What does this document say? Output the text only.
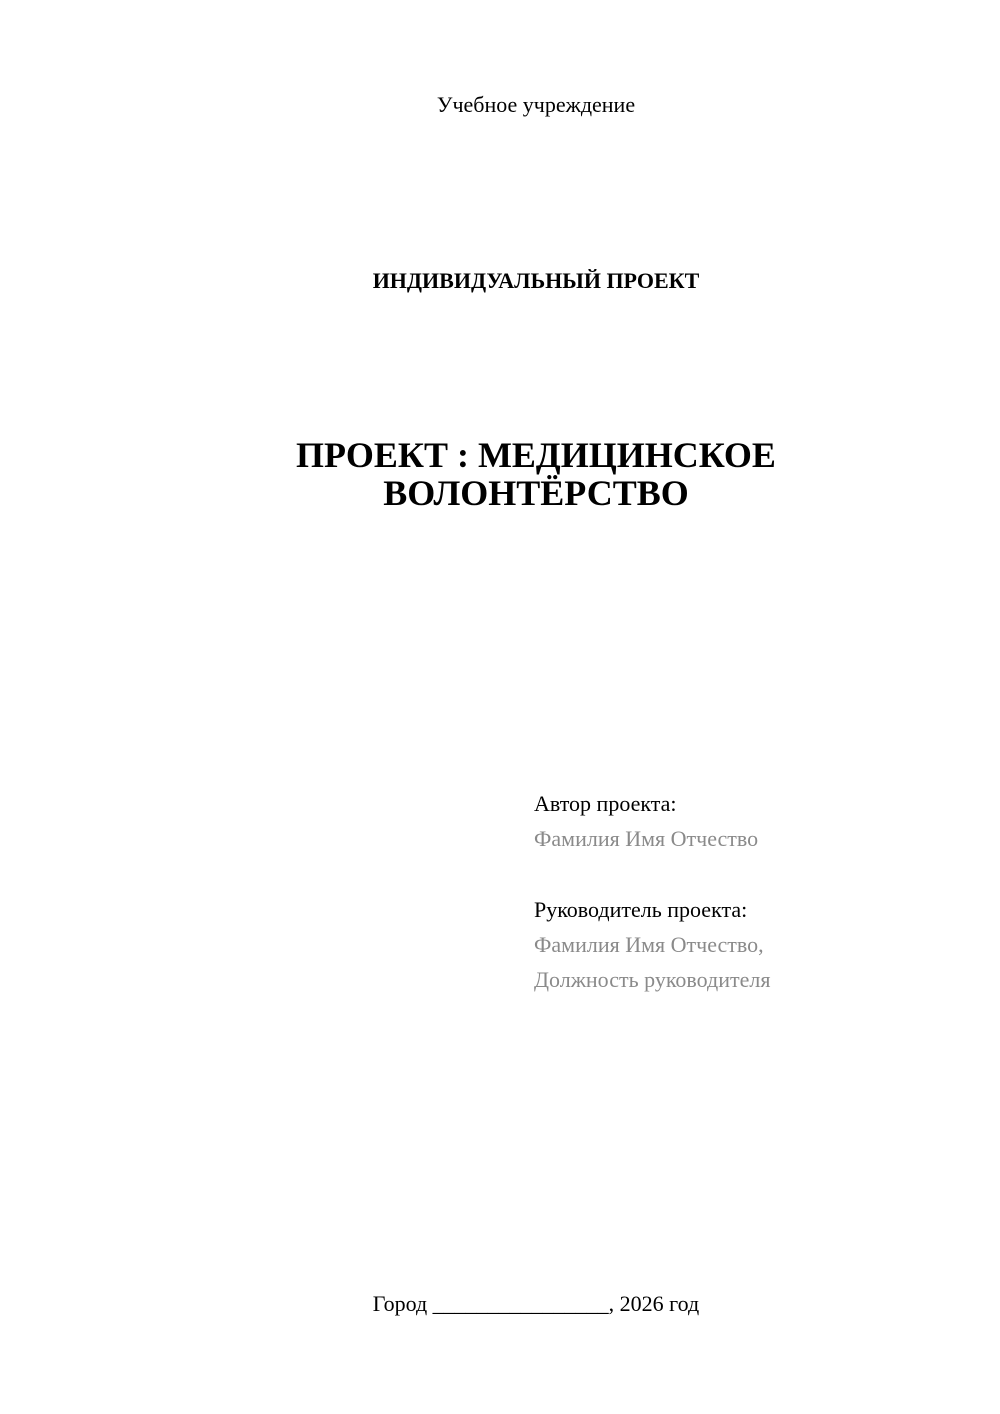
Учебное учреждение
ИНДИВИДУАЛЬНЫЙ ПРОЕКТ
ПРОЕКТ : МЕДИЦИНСКОЕ
ВОЛОНТЁРСТВО
Автор проекта:
Фамилия Имя Отчество
Руководитель проекта:
Фамилия Имя Отчество,
Должность руководителя
Город ________________, 2026 год
